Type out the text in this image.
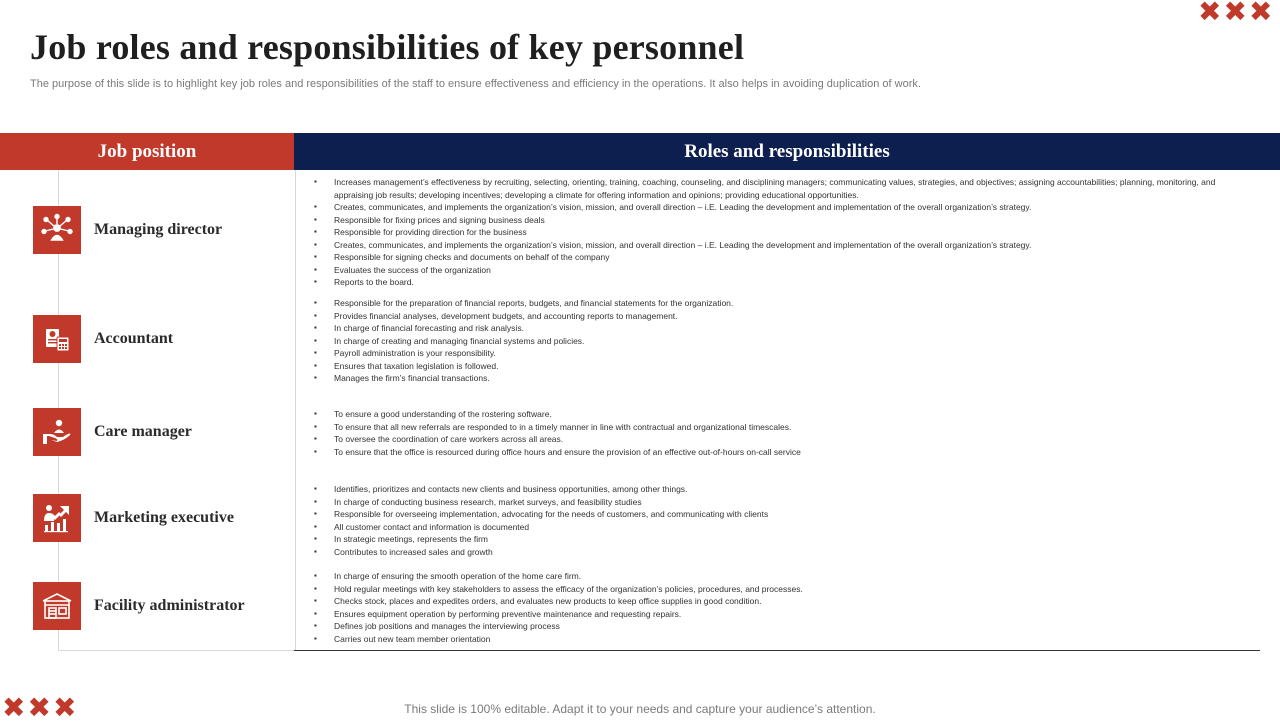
✖ ✖ ✖
✖ ✖ ✖
Job roles and responsibilities of key personnel
The purpose of this slide is to highlight key job roles and responsibilities of the staff to ensure effectiveness and efficiency in the operations. It also helps in avoiding duplication of work.
Job position	Roles and responsibilities
Managing director
▪ Increases management’s effectiveness by recruiting, selecting, orienting, training, coaching, counseling, and disciplining managers; communicating values, strategies, and objectives; assigning accountabilities; planning, monitoring, and appraising job results; developing incentives; developing a climate for offering information and opinions; providing educational opportunities.
▪ Creates, communicates, and implements the organization’s vision, mission, and overall direction – i.E. Leading the development and implementation of the overall organization’s strategy.
▪ Responsible for fixing prices and signing business deals
▪ Responsible for providing direction for the business
▪ Creates, communicates, and implements the organization’s vision, mission, and overall direction – i.E. Leading the development and implementation of the overall organization’s strategy.
▪ Responsible for signing checks and documents on behalf of the company
▪ Evaluates the success of the organization
▪ Reports to the board.
Accountant
▪ Responsible for the preparation of financial reports, budgets, and financial statements for the organization.
▪ Provides financial analyses, development budgets, and accounting reports to management.
▪ In charge of financial forecasting and risk analysis.
▪ In charge of creating and managing financial systems and policies.
▪ Payroll administration is your responsibility.
▪ Ensures that taxation legislation is followed.
▪ Manages the firm’s financial transactions.
Care manager
▪ To ensure a good understanding of the rostering software.
▪ To ensure that all new referrals are responded to in a timely manner in line with contractual and organizational timescales.
▪ To oversee the coordination of care workers across all areas.
▪ To ensure that the office is resourced during office hours and ensure the provision of an effective out-of-hours on-call service
Marketing executive
▪ Identifies, prioritizes and contacts new clients and business opportunities, among other things.
▪ In charge of conducting business research, market surveys, and feasibility studies
▪ Responsible for overseeing implementation, advocating for the needs of customers, and communicating with clients
▪ All customer contact and information is documented
▪ In strategic meetings, represents the firm
▪ Contributes to increased sales and growth
Facility administrator
▪ In charge of ensuring the smooth operation of the home care firm.
▪ Hold regular meetings with key stakeholders to assess the efficacy of the organization’s policies, procedures, and processes.
▪ Checks stock, places and expedites orders, and evaluates new products to keep office supplies in good condition.
▪ Ensures equipment operation by performing preventive maintenance and requesting repairs.
▪ Defines job positions and manages the interviewing process
▪ Carries out new team member orientation
This slide is 100% editable. Adapt it to your needs and capture your audience’s attention.
